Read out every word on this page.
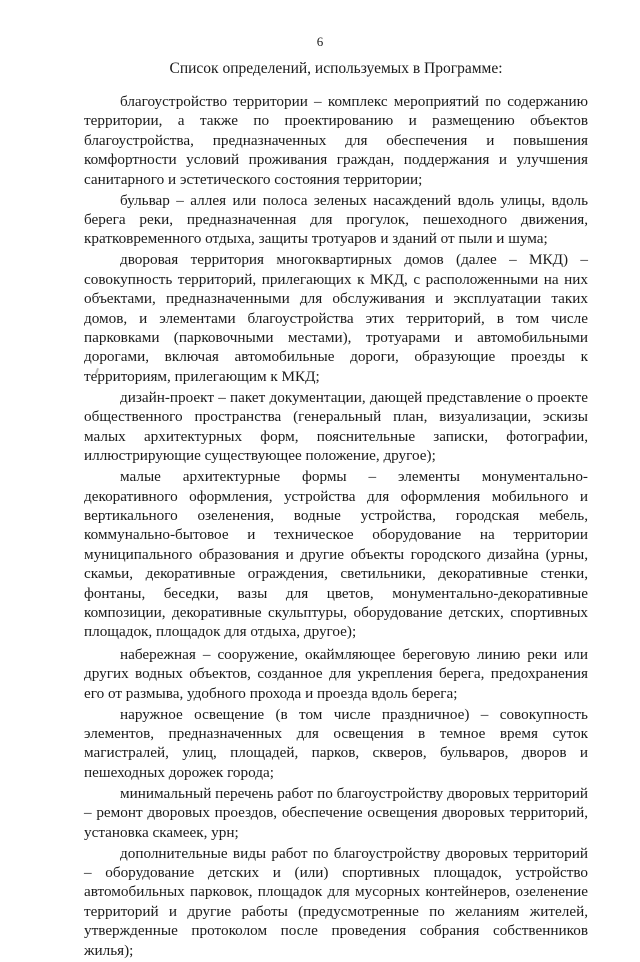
6
Список определений, используемых в Программе:

благоустройство территории – комплекс мероприятий по содержанию территории, а также по проектированию и размещению объектов благоустройства, предназначенных для обеспечения и повышения комфортности условий проживания граждан, поддержания и улучшения санитарного и эстетического состояния территории;

бульвар – аллея или полоса зеленых насаждений вдоль улицы, вдоль берега реки, предназначенная для прогулок, пешеходного движения, кратковременного отдыха, защиты тротуаров и зданий от пыли и шума;

дворовая территория многоквартирных домов (далее – МКД) – совокупность территорий, прилегающих к МКД, с расположенными на них объектами, предназначенными для обслуживания и эксплуатации таких домов, и элементами благоустройства этих территорий, в том числе парковками (парковочными местами), тротуарами и автомобильными дорогами, включая автомобильные дороги, образующие проезды к территориям, прилегающим к МКД;

дизайн-проект – пакет документации, дающей представление о проекте общественного пространства (генеральный план, визуализации, эскизы малых архитектурных форм, пояснительные записки, фотографии, иллюстрирующие существующее положение, другое);

малые архитектурные формы – элементы монументально-декоративного оформления, устройства для оформления мобильного и вертикального озеленения, водные устройства, городская мебель, коммунально-бытовое и техническое оборудование на территории муниципального образования и другие объекты городского дизайна (урны, скамьи, декоративные ограждения, светильники, декоративные стенки, фонтаны, беседки, вазы для цветов, монументально-декоративные композиции, декоративные скульптуры, оборудование детских, спортивных площадок, площадок для отдыха, другое);

набережная – сооружение, окаймляющее береговую линию реки или других водных объектов, созданное для укрепления берега, предохранения его от размыва, удобного прохода и проезда вдоль берега;

наружное освещение (в том числе праздничное) – совокупность элементов, предназначенных для освещения в темное время суток магистралей, улиц, площадей, парков, скверов, бульваров, дворов и пешеходных дорожек города;

минимальный перечень работ по благоустройству дворовых территорий – ремонт дворовых проездов, обеспечение освещения дворовых территорий, установка скамеек, урн;

дополнительные виды работ по благоустройству дворовых территорий – оборудование детских и (или) спортивных площадок, устройство автомобильных парковок, площадок для мусорных контейнеров, озеленение территорий и другие работы (предусмотренные по желаниям жителей, утвержденные протоколом после проведения собрания собственников жилья);
